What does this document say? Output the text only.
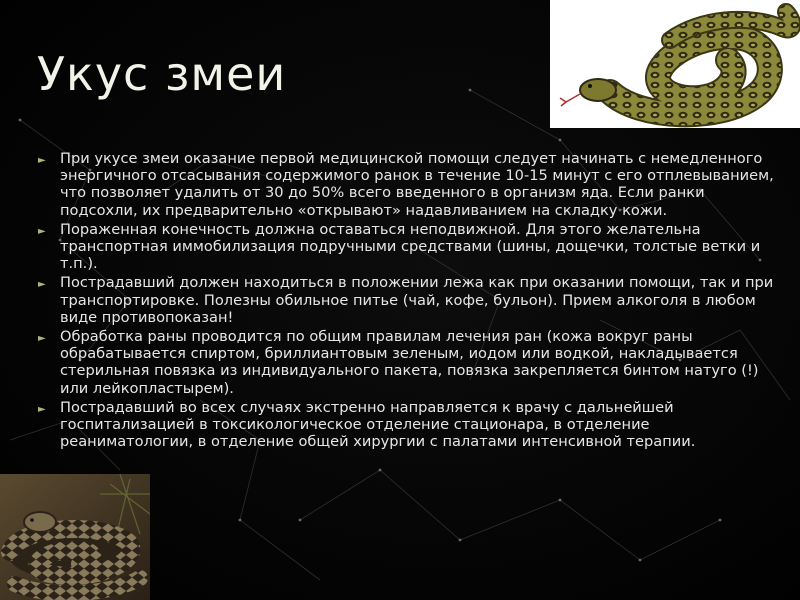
Укус змеи
► При укусе змеи оказание первой медицинской помощи следует начинать с немедленного энергичного отсасывания содержимого ранок в течение 10-15 минут с его отплевыванием, что позволяет удалить от 30 до 50% всего введенного в организм яда. Если ранки подсохли, их предварительно «открывают» надавливанием на складку кожи.
► Пораженная конечность должна оставаться неподвижной. Для этого желательна транспортная иммобилизация подручными средствами (шины, дощечки, толстые ветки и т.п.).
► Пострадавший должен находиться в положении лежа как при оказании помощи, так и при транспортировке. Полезны обильное питье (чай, кофе, бульон). Прием алкоголя в любом виде противопоказан!
► Обработка раны проводится по общим правилам лечения ран (кожа вокруг раны обрабатывается спиртом, бриллиантовым зеленым, иодом или водкой, накладывается стерильная повязка из индивидуального пакета, повязка закрепляется бинтом натуго (!) или лейкопластырем).
► Пострадавший во всех случаях экстренно направляется к врачу с дальнейшей госпитализацией в токсикологическое отделение стационара, в отделение реаниматологии, в отделение общей хирургии с палатами интенсивной терапии.
